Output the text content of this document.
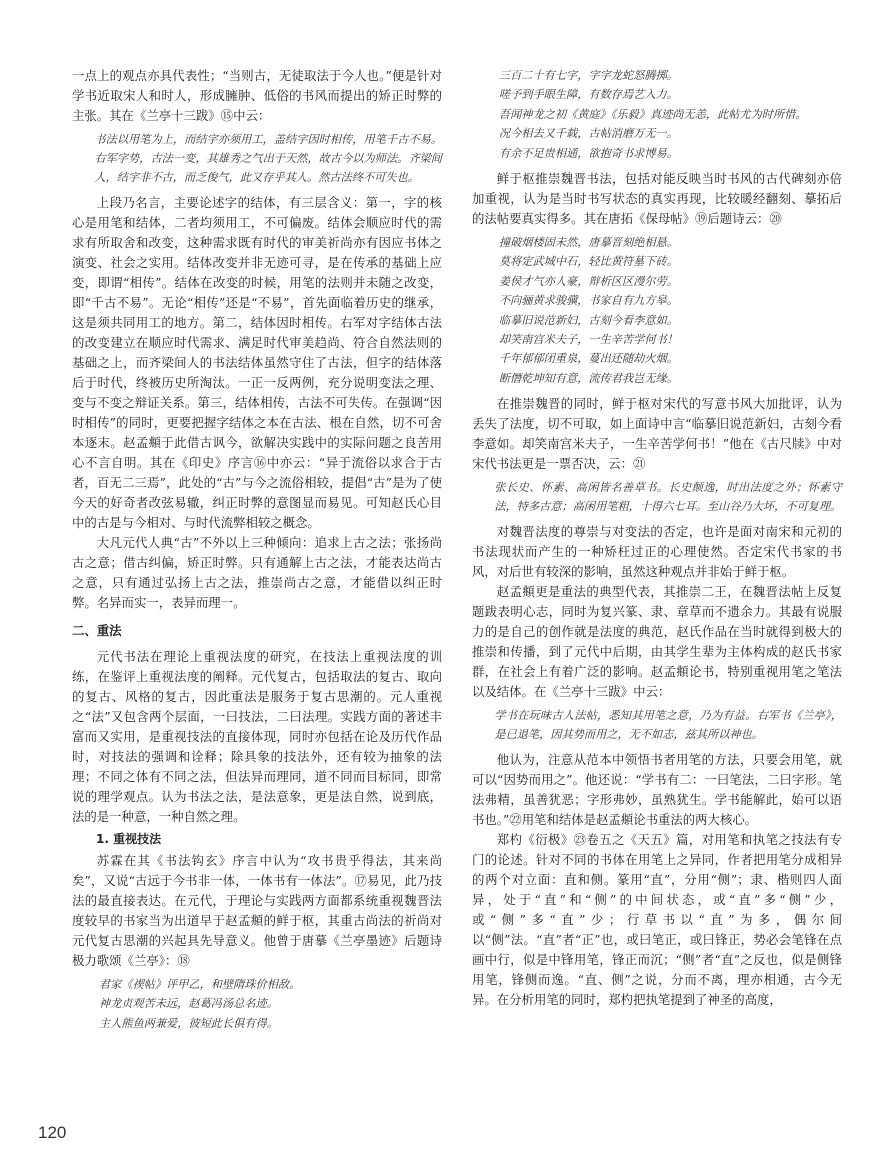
一点上的观点亦具代表性；“当则古，无徒取法于今人也。”便是针对学书近取宋人和时人，形成臃肿、低俗的书风而提出的矫正时弊的主张。其在《兰亭十三跋》⑮中云：

书法以用笔为上，而结字亦须用工，盖结字因时相传，用笔千古不易。右军字势，古法一变，其雄秀之气出于天然，故古今以为师法。齐梁间人，结字非不古，而乏俊气，此又存乎其人。然古法终不可失也。

上段乃名言，主要论述字的结体，有三层含义：第一，字的核心是用笔和结体，二者均须用工，不可偏废。结体会顺应时代的需求有所取舍和改变，这种需求既有时代的审美祈尚亦有因应书体之演变、社会之实用。结体改变并非无迹可寻，是在传承的基础上应变，即谓“相传”。结体在改变的时候，用笔的法则并未随之改变，即“千古不易”。无论“相传”还是“不易”，首先面临着历史的继承，这是须共同用工的地方。第二，结体因时相传。右军对字结体古法的改变建立在顺应时代需求、满足时代审美趋尚、符合自然法则的基础之上，而齐梁间人的书法结体虽然守住了古法，但字的结体落后于时代，终被历史所淘汰。一正一反两例，充分说明变法之理、变与不变之辩证关系。第三，结体相传，古法不可失传。在强调“因时相传”的同时，更要把握字结体之本在古法、根在自然，切不可舍本逐末。赵孟頫于此借古讽今，欲解决实践中的实际问题之良苦用心不言自明。其在《印史》序言⑯中亦云：“异于流俗以求合于古者，百无二三焉”，此处的“古”与今之流俗相较，提倡“古”是为了使今天的好奇者改弦易辙，纠正时弊的意图显而易见。可知赵氏心目中的古是与今相对、与时代流弊相较之概念。

大凡元代人典“古”不外以上三种倾向：追求上古之法；张扬尚古之意；借古纠偏，矫正时弊。只有通解上古之法，才能表达尚古之意，只有通过弘扬上古之法，推崇尚古之意，才能借以纠正时弊。名异而实一，表异而理一。

二、重法

元代书法在理论上重视法度的研究，在技法上重视法度的训练，在鉴评上重视法度的阐释。元代复古，包括取法的复古、取向的复古、风格的复古，因此重法是服务于复古思潮的。元人重视之“法”又包含两个层面，一曰技法，二曰法理。实践方面的著述丰富而又实用，是重视技法的直接体现，同时亦包括在论及历代作品时，对技法的强调和诠释；除具象的技法外，还有较为抽象的法理；不同之体有不同之法，但法异而理同，道不同而目标同，即常说的理学观点。认为书法之法，是法意象，更是法自然，说到底，法的是一种意，一种自然之理。

1. 重视技法

苏霖在其《书法钩玄》序言中认为“攻书贵乎得法，其来尚矣”，又说“古远于今书非一体，一体书有一体法”。⑰易见，此乃技法的最直接表达。在元代，于理论与实践两方面都系统重视魏晋法度较早的书家当为出道早于赵孟頫的鲜于枢，其重古尚法的祈尚对元代复古思潮的兴起具先导意义。他曾于唐摹《兰亭墨迹》后题诗极力歌颂《兰亭》：⑱

君家《禊帖》评甲乙，和壁隋珠价相敌。
神龙贞观苦未远，赵葛冯汤总名迹。
主人熊鱼两兼爱，彼短此长俱有得。
三百二十有七字，字字龙蛇怒腾掷。
嗟予到手眼生障，有数存焉艺入力。
吾闻神龙之初《黄庭》《乐毅》真迹尚无恙，此帖尤为时所惜。
况今相去又千载，古帖消磨万无一。
有余不足贵相通，欲抱奇书求博易。

鲜于枢推崇魏晋书法，包括对能反映当时书风的古代碑刻亦倍加重视，认为是当时书写状态的真实再现，比较暖经翻刻、摹拓后的法帖要真实得多。其在唐拓《保母帖》⑲后题诗云：⑳

撞破烟楼固未然，唐摹晋刻绝相悬。
莫将定武城中石，轻比黄符墓下砖。
姜侯才气亦人豪，辩析区区漫尔劳。
不向骊黄求骏骥，书家自有九方皋。
临摹旧说范新妇，古刻今看李意如。
却笑南宫米夫子，一生辛苦学何书！
千年郁郁闭重泉，蔓出还随劫火烟。
断僭乾坤知有意，流传君我岂无缘。

在推崇魏晋的同时，鲜于枢对宋代的写意书风大加批评，认为丢失了法度，切不可取，如上面诗中言“临摹旧说范新妇，古刻今看李意如。却笑南宫米夫子，一生辛苦学何书！”他在《古尺牍》中对宋代书法更是一票否决，云：㉑

张长史、怀素、高闲皆名善草书。长史颠逸，时出法度之外；怀素守法，特多古意；高闲用笔粗，十得六七耳。至山谷乃大坏，不可复理。

对魏晋法度的尊崇与对变法的否定，也许是面对南宋和元初的书法现状而产生的一种矫枉过正的心理使然。否定宋代书家的书风，对后世有较深的影响，虽然这种观点并非始于鲜于枢。

赵孟頫更是重法的典型代表，其推崇二王，在魏晋法帖上反复题跋表明心志，同时为复兴篆、隶、章草而不遗余力。其最有说服力的是自己的创作就是法度的典范，赵氏作品在当时就得到极大的推崇和传播，到了元代中后期，由其学生辈为主体构成的赵氏书家群，在社会上有着广泛的影响。赵孟頫论书，特别重视用笔之笔法以及结体。在《兰亭十三跋》中云：

学书在玩味古人法帖，悉知其用笔之意，乃为有益。右军书《兰亭》，是已退笔，因其势而用之，无不如志，兹其所以神也。

他认为，注意从范本中领悟书者用笔的方法，只要会用笔，就可以“因势而用之”。他还说：“学书有二：一曰笔法，二曰字形。笔法弗精，虽善犹恶；字形弗妙，虽熟犹生。学书能解此，始可以语书也。”㉒用笔和结体是赵孟頫论书重法的两大核心。

郑杓《衍极》㉓卷五之《天五》篇，对用笔和执笔之技法有专门的论述。针对不同的书体在用笔上之异同，作者把用笔分成相异的两个对立面：直和侧。篆用“直”，分用“侧”；隶、楷则四人面异，处于“直”和“侧”的中间状态，或“直”多“侧”少，或“侧”多“直”少；行草书以“直”为多，偶尔间以“侧”法。“直”者“正”也，或曰笔正，或曰锋正，势必会笔锋在点画中行，似是中锋用笔，锋正而沉；“侧”者“直”之反也，似是侧锋用笔，锋侧而逸。“直、侧”之说，分而不离，理亦相通，古今无异。在分析用笔的同时，郑杓把执笔提到了神圣的高度，

120
